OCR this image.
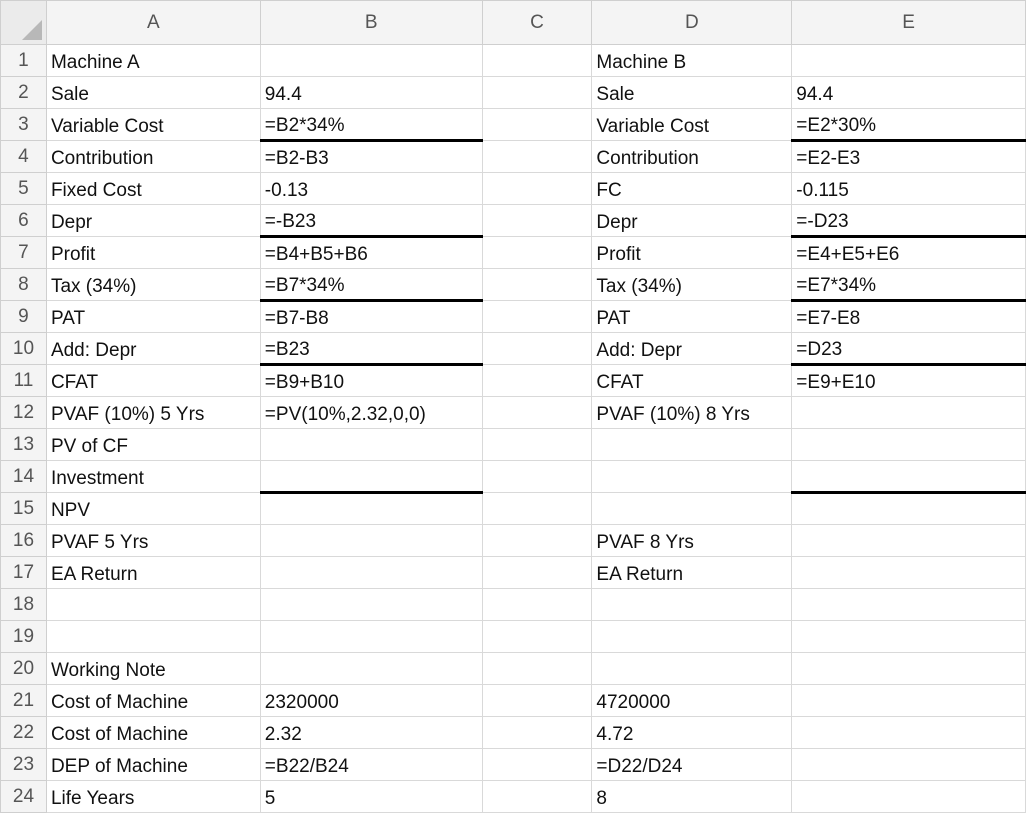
	A	B	C	D	E
1	Machine A			Machine B	
2	Sale	94.4		Sale	94.4
3	Variable Cost	=B2*34%		Variable Cost	=E2*30%
4	Contribution	=B2-B3		Contribution	=E2-E3
5	Fixed Cost	-0.13		FC	-0.115
6	Depr	=-B23		Depr	=-D23
7	Profit	=B4+B5+B6		Profit	=E4+E5+E6
8	Tax (34%)	=B7*34%		Tax (34%)	=E7*34%
9	PAT	=B7-B8		PAT	=E7-E8
10	Add: Depr	=B23		Add: Depr	=D23
11	CFAT	=B9+B10		CFAT	=E9+E10
12	PVAF (10%) 5 Yrs	=PV(10%,2.32,0,0)		PVAF (10%) 8 Yrs	
13	PV of CF				
14	Investment				
15	NPV				
16	PVAF 5 Yrs			PVAF 8 Yrs	
17	EA Return			EA Return	
18					
19					
20	Working Note				
21	Cost of Machine	2320000		4720000	
22	Cost of Machine	2.32		4.72	
23	DEP of Machine	=B22/B24		=D22/D24	
24	Life Years	5		8	
